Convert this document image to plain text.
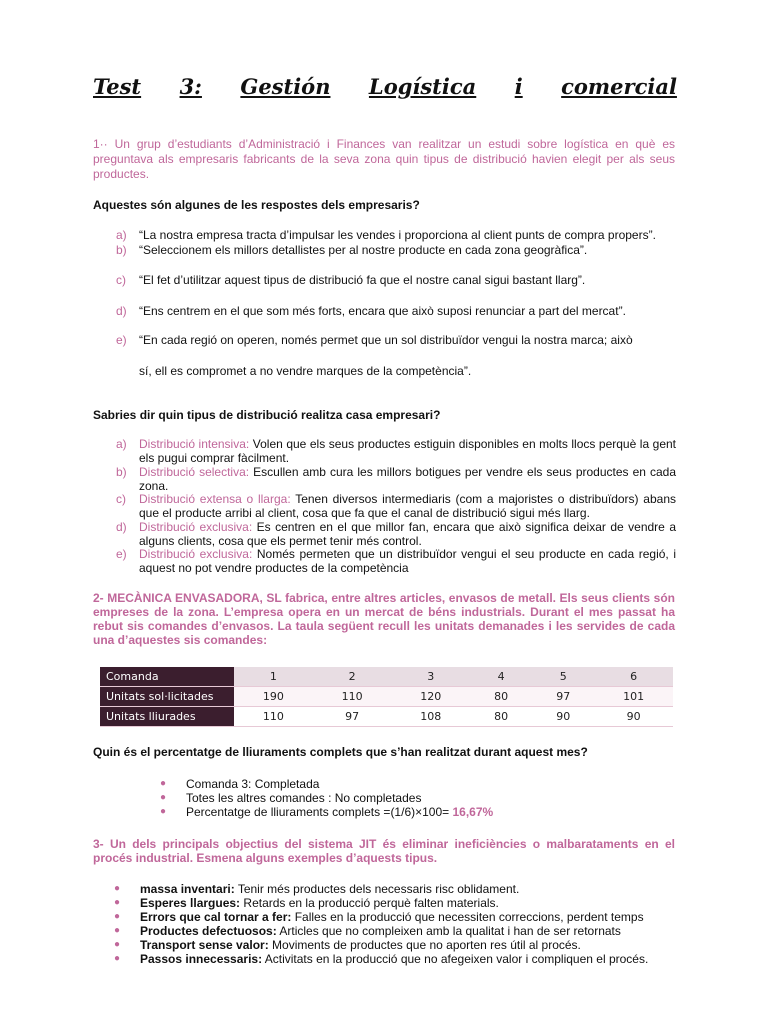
Test 3: Gestión Logística i comercial
1·· Un grup d’estudiants d’Administració i Finances van realitzar un estudi sobre logística en què es preguntava als empresaris fabricants de la seva zona quin tipus de distribució havien elegit per als seus productes.
Aquestes són algunes de les respostes dels empresaris?
a) “La nostra empresa tracta d’impulsar les vendes i proporciona al client punts de compra propers”.
b) “Seleccionem els millors detallistes per al nostre producte en cada zona geogràfica”.
c) “El fet d’utilitzar aquest tipus de distribució fa que el nostre canal sigui bastant llarg”.
d) “Ens centrem en el que som més forts, encara que això suposi renunciar a part del mercat”.
e) “En cada regió on operen, només permet que un sol distribuïdor vengui la nostra marca; això
sí, ell es compromet a no vendre marques de la competència”.
Sabries dir quin tipus de distribució realitza casa empresari?
a) Distribució intensiva: Volen que els seus productes estiguin disponibles en molts llocs perquè la gent els pugui comprar fàcilment.
b) Distribució selectiva: Escullen amb cura les millors botigues per vendre els seus productes en cada zona.
c) Distribució extensa o llarga: Tenen diversos intermediaris (com a majoristes o distribuïdors) abans que el producte arribi al client, cosa que fa que el canal de distribució sigui més llarg.
d) Distribució exclusiva: Es centren en el que millor fan, encara que això significa deixar de vendre a alguns clients, cosa que els permet tenir més control.
e) Distribució exclusiva: Només permeten que un distribuïdor vengui el seu producte en cada regió, i aquest no pot vendre productes de la competència
2- MECÀNICA ENVASADORA, SL fabrica, entre altres articles, envasos de metall. Els seus clients són empreses de la zona. L’empresa opera en un mercat de béns industrials. Durant el mes passat ha rebut sis comandes d’envasos. La taula següent recull les unitats demanades i les servides de cada una d’aquestes sis comandes:
Comanda	1	2	3	4	5	6
Unitats sol·licitades	190	110	120	80	97	101
Unitats lliurades	110	97	108	80	90	90
Quin és el percentatge de lliuraments complets que s’han realitzat durant aquest mes?
● Comanda 3: Completada
● Totes les altres comandes : No completades
● Percentatge de lliuraments complets =(1/6)×100= 16,67%
3- Un dels principals objectius del sistema JIT és eliminar ineficiències o malbarataments en el procés industrial. Esmena alguns exemples d’aquests tipus.
● massa inventari: Tenir més productes dels necessaris risc oblidament.
● Esperes llargues: Retards en la producció perquè falten materials.
● Errors que cal tornar a fer: Falles en la producció que necessiten correccions, perdent temps
● Productes defectuosos: Articles que no compleixen amb la qualitat i han de ser retornats
● Transport sense valor: Moviments de productes que no aporten res útil al procés.
● Passos innecessaris: Activitats en la producció que no afegeixen valor i compliquen el procés.
